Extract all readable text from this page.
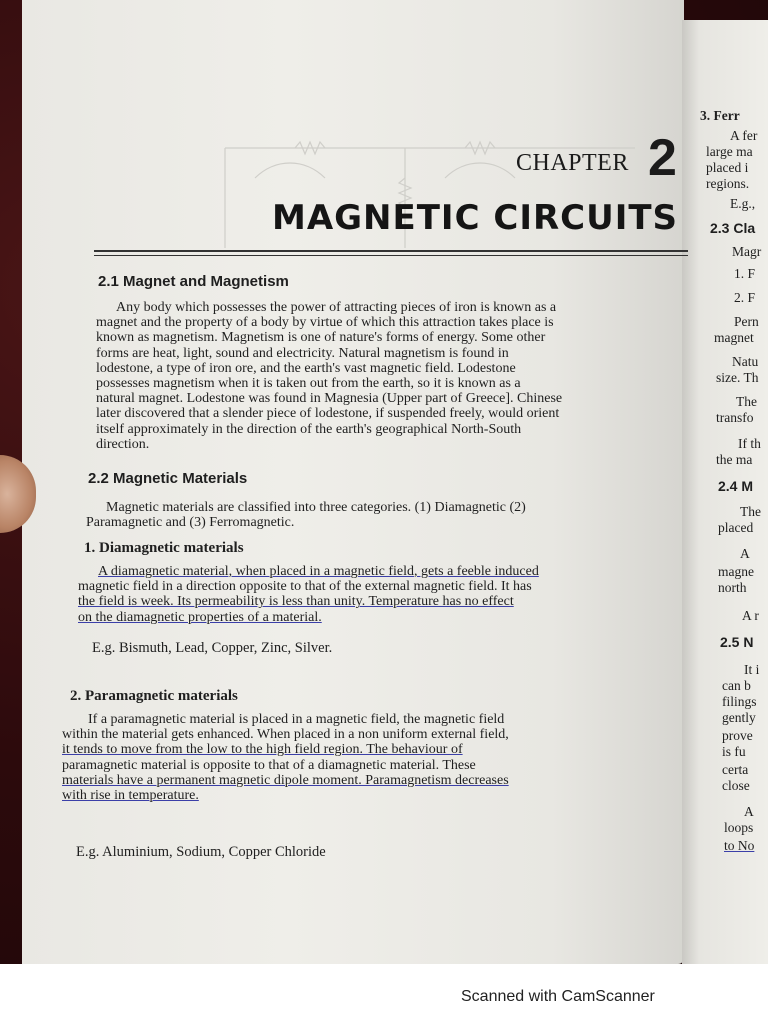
CHAPTER 2
MAGNETIC CIRCUITS
2.1 Magnet and Magnetism
Any body which possesses the power of attracting pieces of iron is known as a
magnet and the property of a body by virtue of which this attraction takes place is
known as magnetism. Magnetism is one of nature's forms of energy. Some other
forms are heat, light, sound and electricity. Natural magnetism is found in
lodestone, a type of iron ore, and the earth's vast magnetic field. Lodestone
possesses magnetism when it is taken out from the earth, so it is known as a
natural magnet. Lodestone was found in Magnesia (Upper part of Greece]. Chinese
later discovered that a slender piece of lodestone, if suspended freely, would orient
itself approximately in the direction of the earth's geographical North-South
direction.
2.2 Magnetic Materials
Magnetic materials are classified into three categories. (1) Diamagnetic (2)
Paramagnetic and (3) Ferromagnetic.
1. Diamagnetic materials
A diamagnetic material, when placed in a magnetic field, gets a feeble induced
magnetic field in a direction opposite to that of the external magnetic field. It has
the field is week. Its permeability is less than unity. Temperature has no effect
on the diamagnetic properties of a material.
E.g. Bismuth, Lead, Copper, Zinc, Silver.
2. Paramagnetic materials
If a paramagnetic material is placed in a magnetic field, the magnetic field
within the material gets enhanced. When placed in a non uniform external field,
it tends to move from the low to the high field region. The behaviour of
paramagnetic material is opposite to that of a diamagnetic material. These
materials have a permanent magnetic dipole moment. Paramagnetism decreases
with rise in temperature.
E.g. Aluminium, Sodium, Copper Chloride
3. Ferr
A fer
large ma
placed i
regions.
E.g.,
2.3 Cla
Magr
1. F
2. F
Pern
magnet
Natu
size. Th
The
transfo
If th
the ma
2.4 M
The
placed
A
magne
north
A r
2.5 N
It i
can b
filings
gently
prove
is fu
certa
close
A
loops
to No
Scanned with CamScanner
